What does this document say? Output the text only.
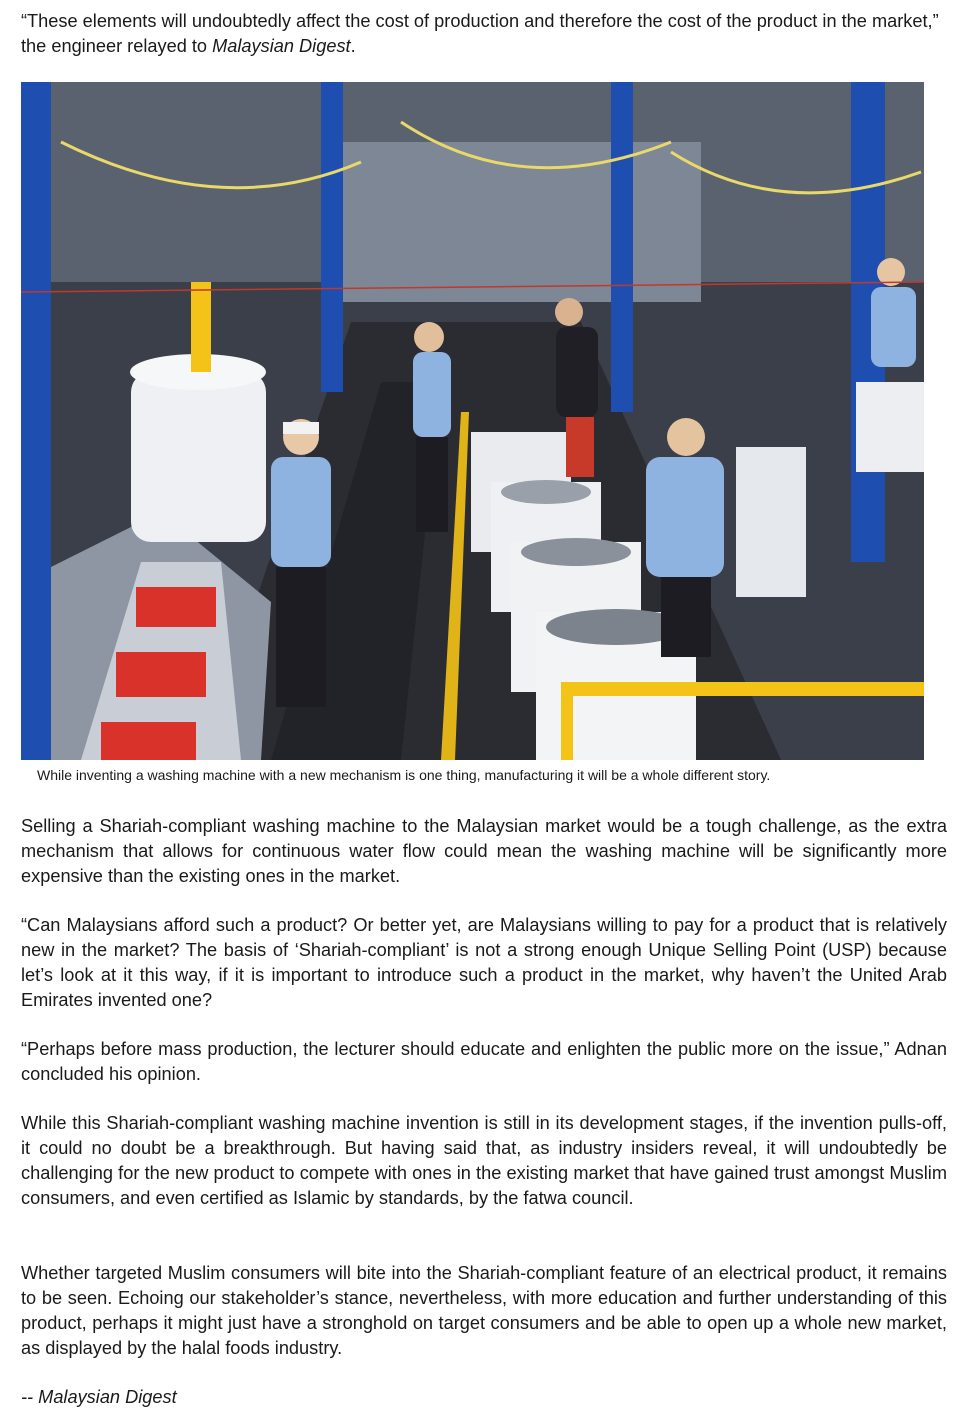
“These elements will undoubtedly affect the cost of production and therefore the cost of the product in the market,” the engineer relayed to Malaysian Digest.

While inventing a washing machine with a new mechanism is one thing, manufacturing it will be a whole different story.

Selling a Shariah-compliant washing machine to the Malaysian market would be a tough challenge, as the extra mechanism that allows for continuous water flow could mean the washing machine will be significantly more expensive than the existing ones in the market.

“Can Malaysians afford such a product? Or better yet, are Malaysians willing to pay for a product that is relatively new in the market? The basis of ‘Shariah-compliant’ is not a strong enough Unique Selling Point (USP) because let’s look at it this way, if it is important to introduce such a product in the market, why haven’t the United Arab Emirates invented one?

“Perhaps before mass production, the lecturer should educate and enlighten the public more on the issue,” Adnan concluded his opinion.

While this Shariah-compliant washing machine invention is still in its development stages, if the invention pulls-off, it could no doubt be a breakthrough. But having said that, as industry insiders reveal, it will undoubtedly be challenging for the new product to compete with ones in the existing market that have gained trust amongst Muslim consumers, and even certified as Islamic by standards, by the fatwa council.

Whether targeted Muslim consumers will bite into the Shariah-compliant feature of an electrical product, it remains to be seen. Echoing our stakeholder’s stance, nevertheless, with more education and further understanding of this product, perhaps it might just have a stronghold on target consumers and be able to open up a whole new market, as displayed by the halal foods industry.

-- Malaysian Digest
